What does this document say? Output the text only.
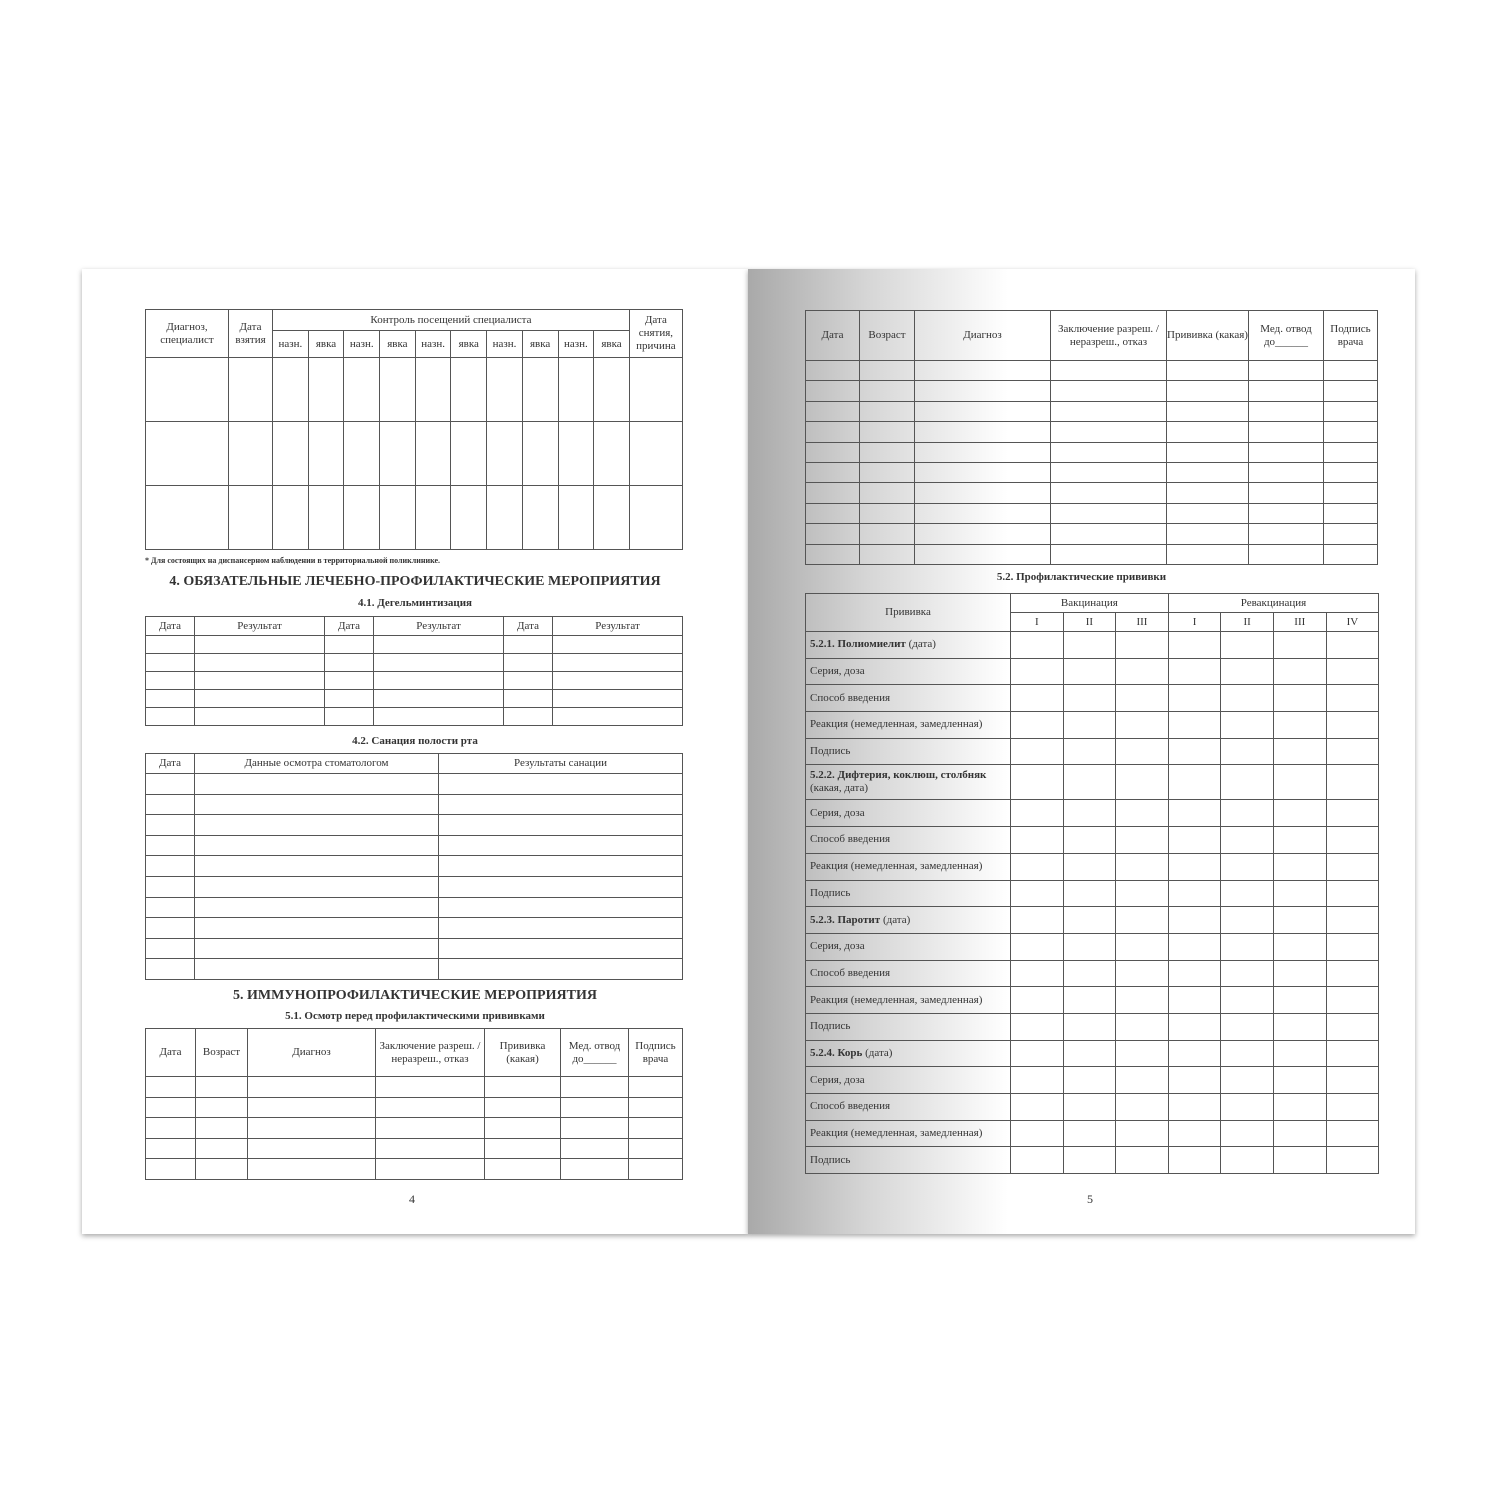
Диагноз, специалист	Дата взятия	Контроль посещений специалиста										Дата снятия, причина
		назн.	явка	назн.	явка	назн.	явка	назн.	явка	назн.	явка	

* Для состоящих на диспансерном наблюдении в территориальной поликлинике.
4. ОБЯЗАТЕЛЬНЫЕ ЛЕЧЕБНО-ПРОФИЛАКТИЧЕСКИЕ МЕРОПРИЯТИЯ
4.1. Дегельминтизация
Дата	Результат	Дата	Результат	Дата	Результат

4.2. Санация полости рта
Дата	Данные осмотра стоматологом	Результаты санации

5. ИММУНОПРОФИЛАКТИЧЕСКИЕ МЕРОПРИЯТИЯ
5.1. Осмотр перед профилактическими прививками
Дата	Возраст	Диагноз	Заключение разреш. / неразреш., отказ	Прививка (какая)	Мед. отвод до______	Подпись врача

4
Дата	Возраст	Диагноз	Заключение разреш. / неразреш., отказ	Прививка (какая)	Мед. отвод до______	Подпись врача

5.2. Профилактические прививки
Прививка	Вакцинация			Ревакцинация			
	I	II	III	I	II	III	IV
5.2.1. Полиомиелит (дата)							
Серия, доза							
Способ введения							
Реакция (немедленная, замедленная)							
Подпись							
5.2.2. Дифтерия, коклюш, столбняк (какая, дата)							
Серия, доза							
Способ введения							
Реакция (немедленная, замедленная)							
Подпись							
5.2.3. Паротит (дата)							
Серия, доза							
Способ введения							
Реакция (немедленная, замедленная)							
Подпись							
5.2.4. Корь (дата)							
Серия, доза							
Способ введения							
Реакция (немедленная, замедленная)							
Подпись							
5
